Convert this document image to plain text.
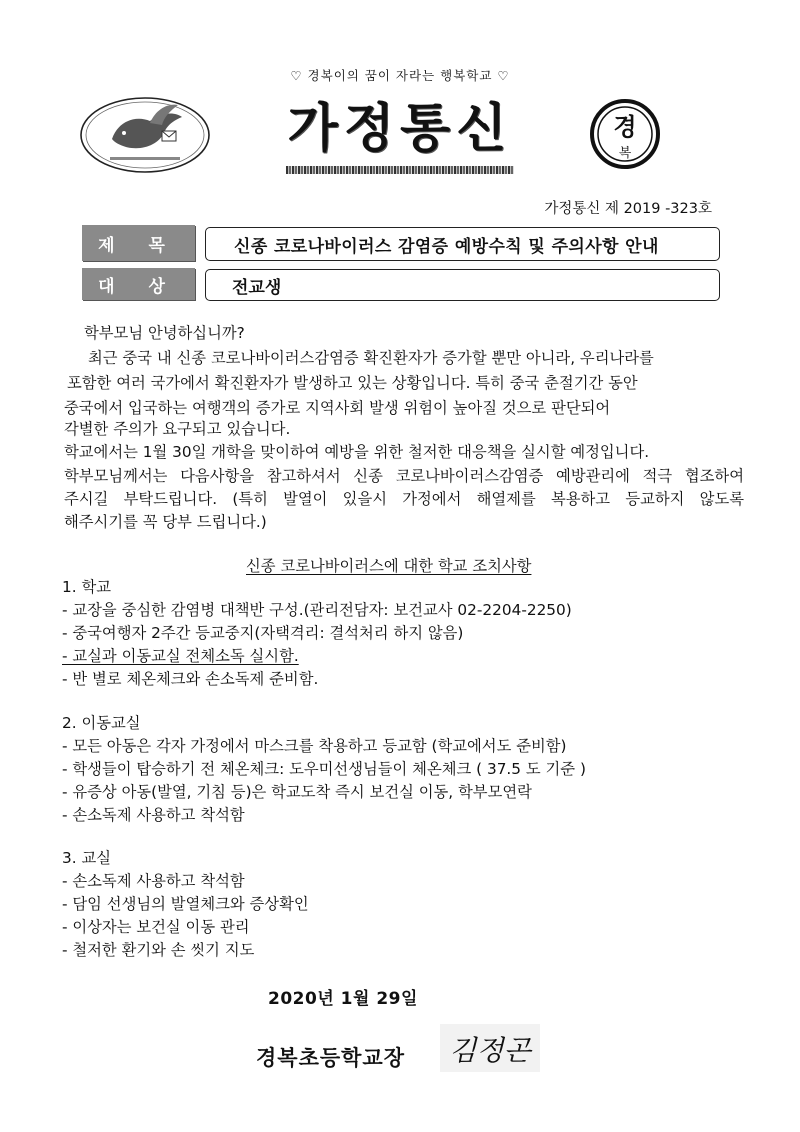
♡ 경복이의 꿈이 자라는 행복학교 ♡
가정통신	경
복
가정통신 제 2019 -323호
제 목	신종 코로나바이러스 감염증 예방수칙 및 주의사항 안내
대 상	전교생
학부모님 안녕하십니까?
최근 중국 내 신종 코로나바이러스감염증 확진환자가 증가할 뿐만 아니라, 우리나라를
포함한 여러 국가에서 확진환자가 발생하고 있는 상황입니다. 특히 중국 춘절기간 동안
중국에서 입국하는 여행객의 증가로 지역사회 발생 위험이 높아질 것으로 판단되어
각별한 주의가 요구되고 있습니다.
학교에서는 1월 30일 개학을 맞이하여 예방을 위한 철저한 대응책을 실시할 예정입니다.
학부모님께서는 다음사항을 참고하셔서 신종 코로나바이러스감염증 예방관리에 적극 협조하여
주시길 부탁드립니다. (특히 발열이 있을시 가정에서 해열제를 복용하고 등교하지 않도록
해주시기를 꼭 당부 드립니다.)
신종 코로나바이러스에 대한 학교 조치사항
1. 학교
- 교장을 중심한 감염병 대책반 구성.(관리전담자: 보건교사 02-2204-2250)
- 중국여행자 2주간 등교중지(자택격리: 결석처리 하지 않음)
- 교실과 이동교실 전체소독 실시함.
- 반 별로 체온체크와 손소독제 준비함.
2. 이동교실
- 모든 아동은 각자 가정에서 마스크를 착용하고 등교함 (학교에서도 준비함)
- 학생들이 탑승하기 전 체온체크: 도우미선생님들이 체온체크 ( 37.5 도 기준 )
- 유증상 아동(발열, 기침 등)은 학교도착 즉시 보건실 이동, 학부모연락
- 손소독제 사용하고 착석함
3. 교실
- 손소독제 사용하고 착석함
- 담임 선생님의 발열체크와 증상확인
- 이상자는 보건실 이동 관리
- 철저한 환기와 손 씻기 지도
2020년 1월 29일
경복초등학교장 김정곤
